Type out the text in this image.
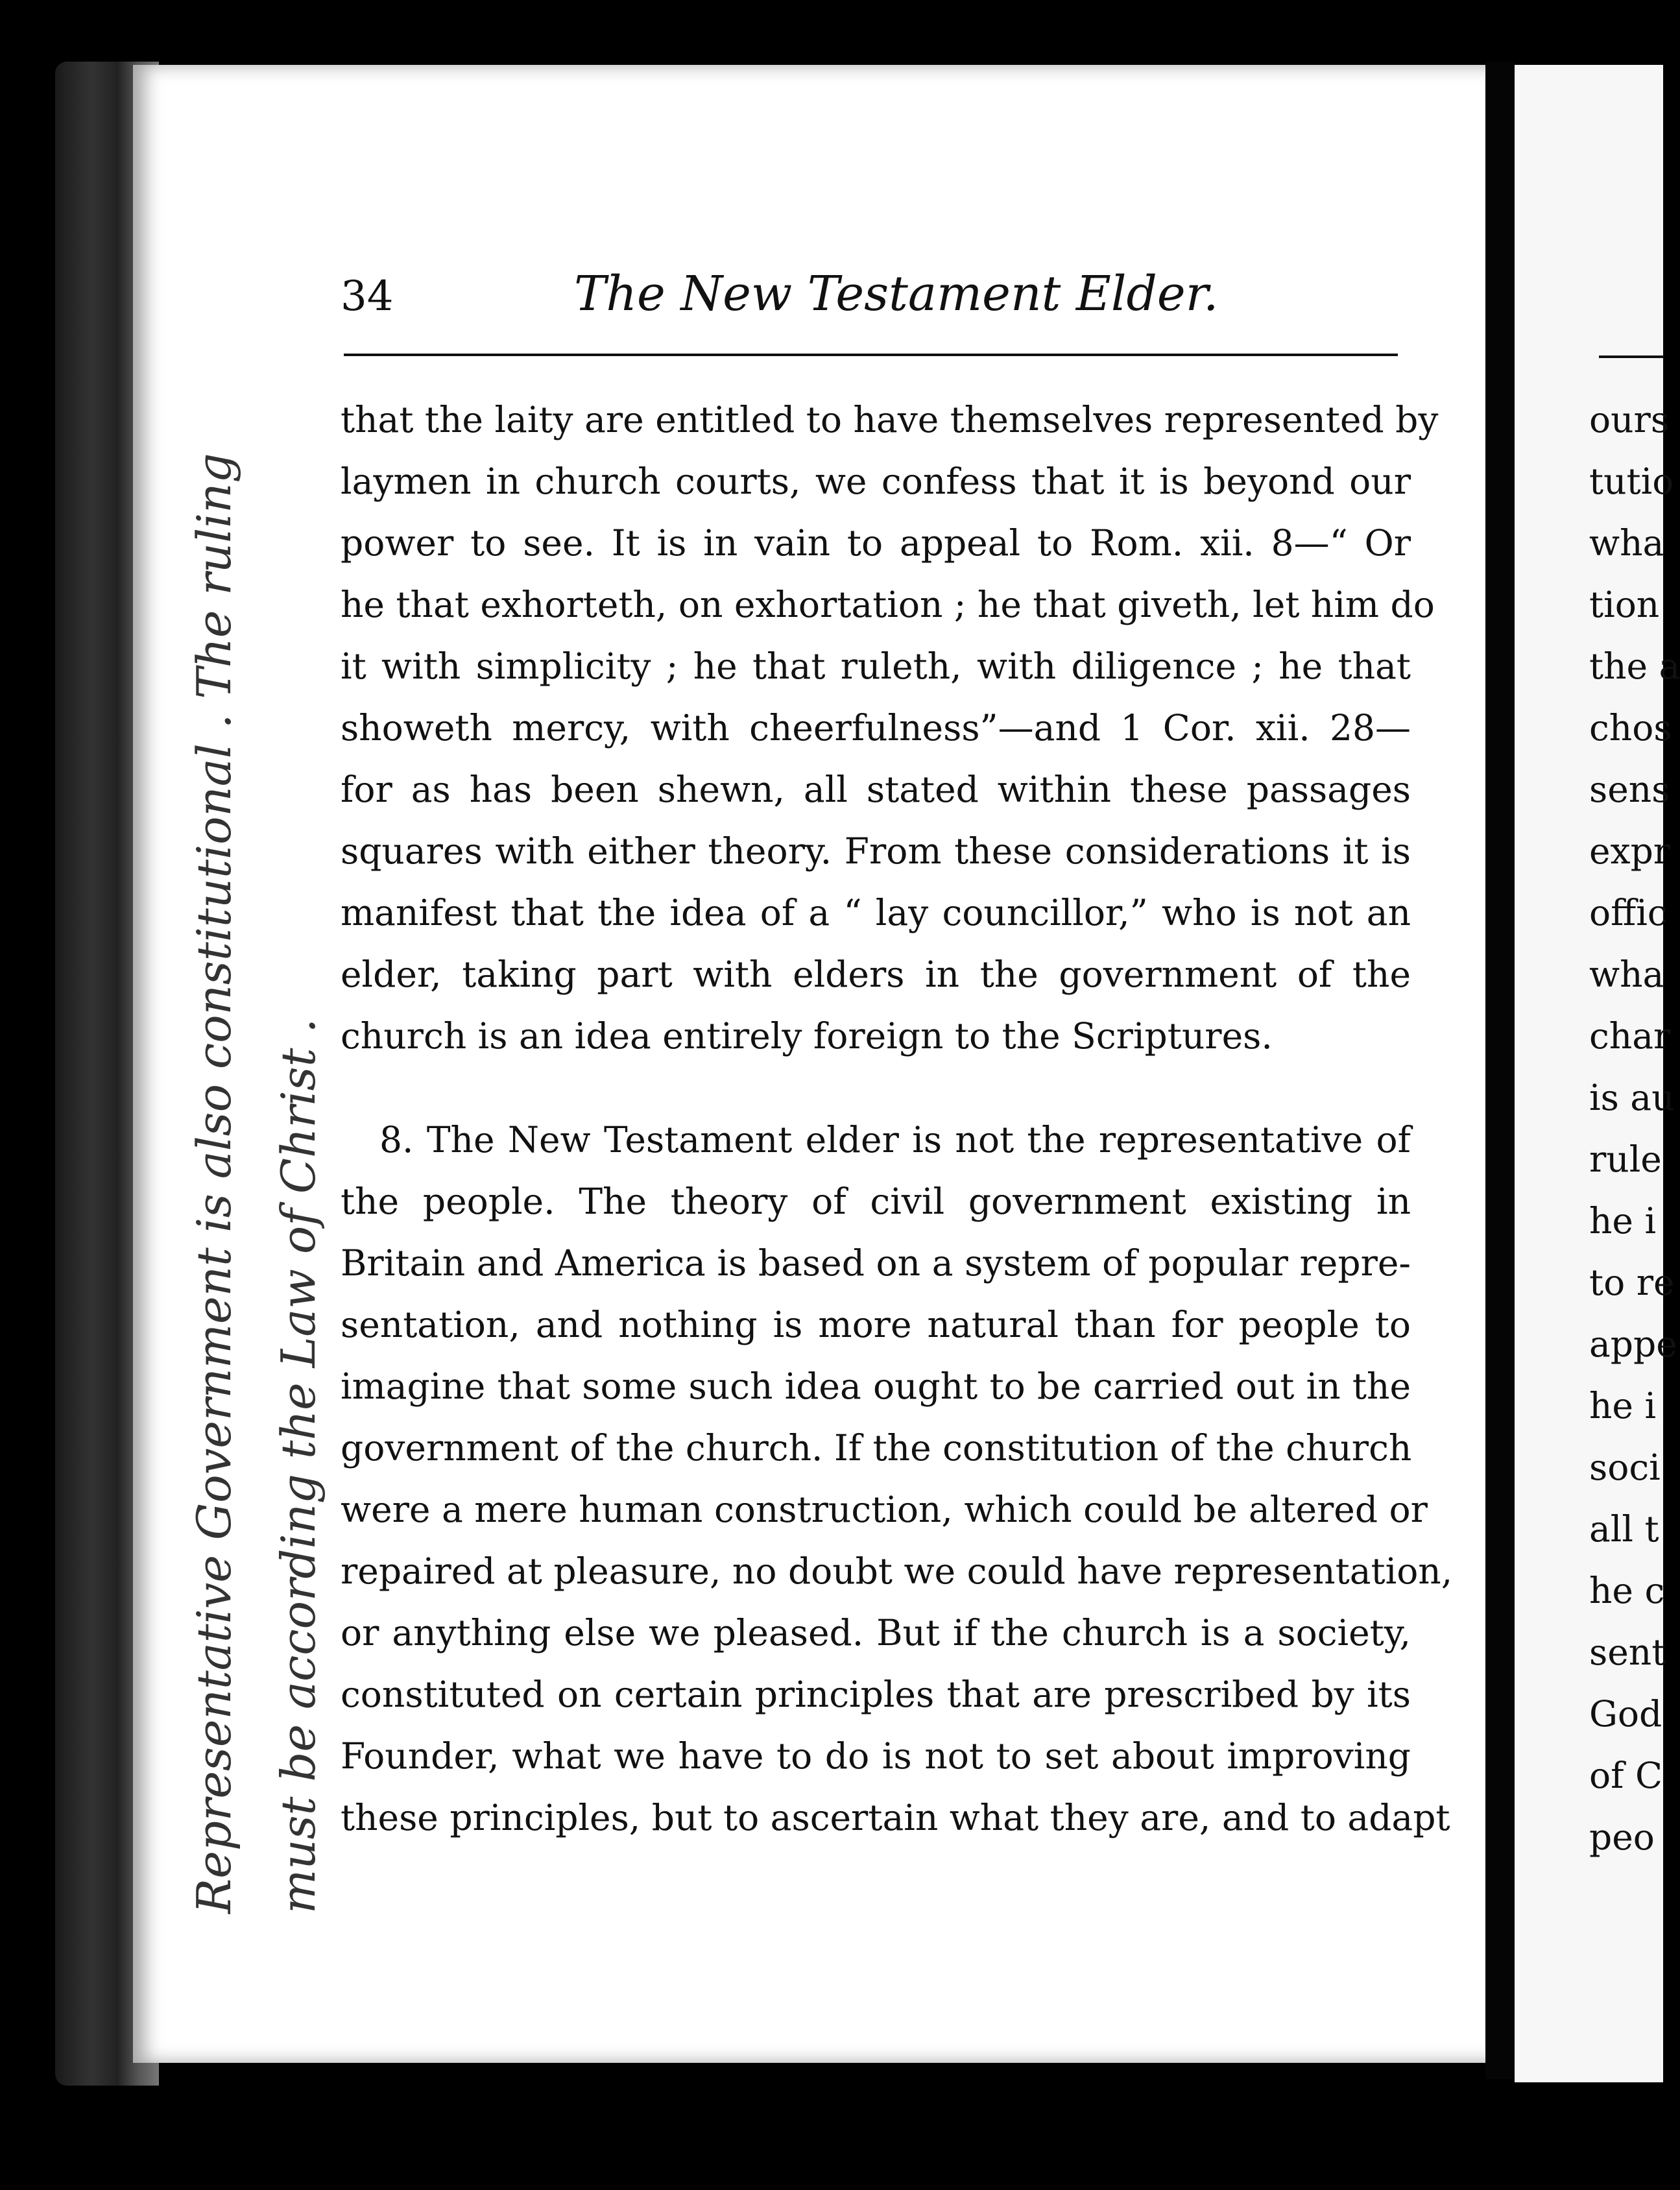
34	The New Testament Elder.
that the laity are entitled to have themselves represented by
laymen in church courts, we confess that it is beyond our
power to see. It is in vain to appeal to Rom. xii. 8—“ Or
he that exhorteth, on exhortation ; he that giveth, let him do
it with simplicity ; he that ruleth, with diligence ; he that
showeth mercy, with cheerfulness”—and 1 Cor. xii. 28—
for as has been shewn, all stated within these passages
squares with either theory. From these considerations it is
manifest that the idea of a “ lay councillor,” who is not an
elder, taking part with elders in the government of the
church is an idea entirely foreign to the Scriptures.
8. The New Testament elder is not the representative of
the people. The theory of civil government existing in
Britain and America is based on a system of popular repre-
sentation, and nothing is more natural than for people to
imagine that some such idea ought to be carried out in the
government of the church. If the constitution of the church
were a mere human construction, which could be altered or
repaired at pleasure, no doubt we could have representation,
or anything else we pleased. But if the church is a society,
constituted on certain principles that are prescribed by its
Founder, what we have to do is not to set about improving
these principles, but to ascertain what they are, and to adapt
ours
tutio
wha
tion
the a
chos
sens
expr
offic
wha
char
is au
rule
he i
to re
appe
he i
soci
all t
he c
sent
God
of C
peo
Representative Government is also constitutional . The ruling must be according the Law of Christ .
